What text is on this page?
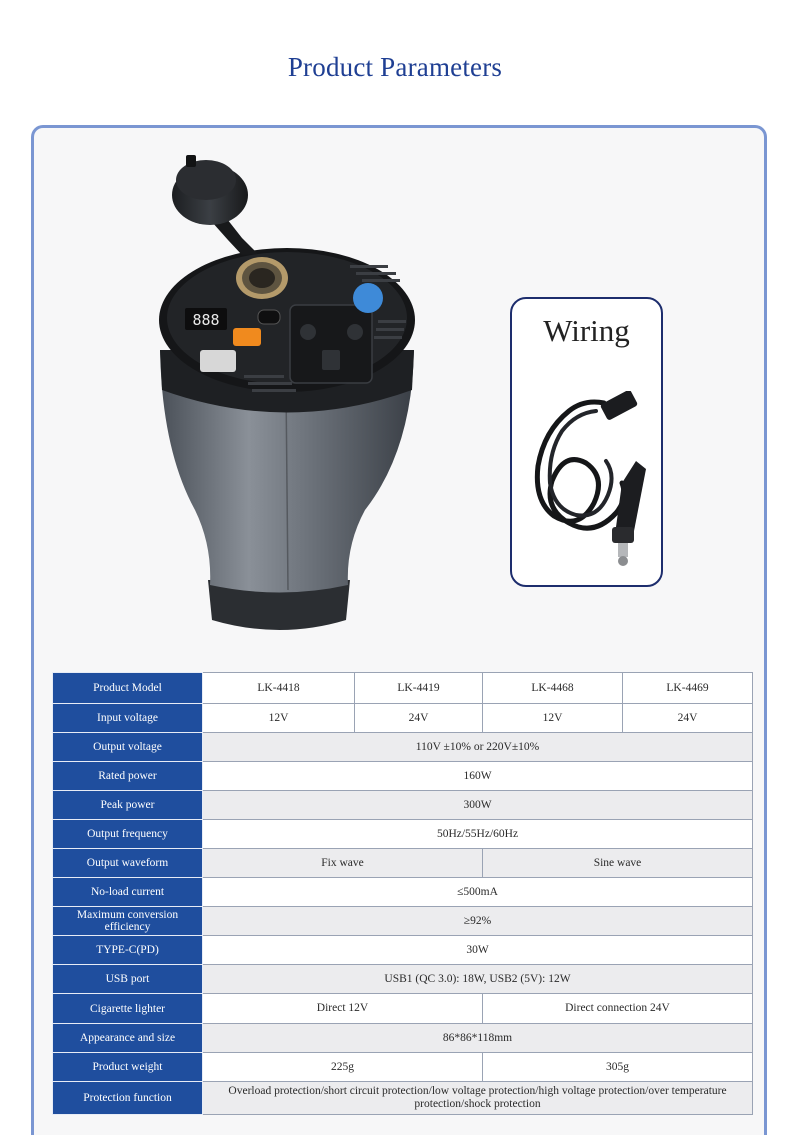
Product Parameters
888	Wiring
Product Model	LK-4418	LK-4419	LK-4468	LK-4469
Input voltage	12V	24V	12V	24V
Output voltage	110V ±10% or 220V±10%			
Rated power	160W			
Peak power	300W			
Output frequency	50Hz/55Hz/60Hz			
Output waveform	Fix wave		Sine wave	
No-load current	≤500mA			
Maximum conversion efficiency	≥92%			
TYPE-C(PD)	30W			
USB port	USB1 (QC 3.0): 18W, USB2 (5V): 12W			
Cigarette lighter	Direct 12V		Direct connection 24V	
Appearance and size	86*86*118mm			
Product weight	225g		305g	
Protection function	Overload protection/short circuit protection/low voltage protection/high voltage protection/over temperature protection/shock protection			
